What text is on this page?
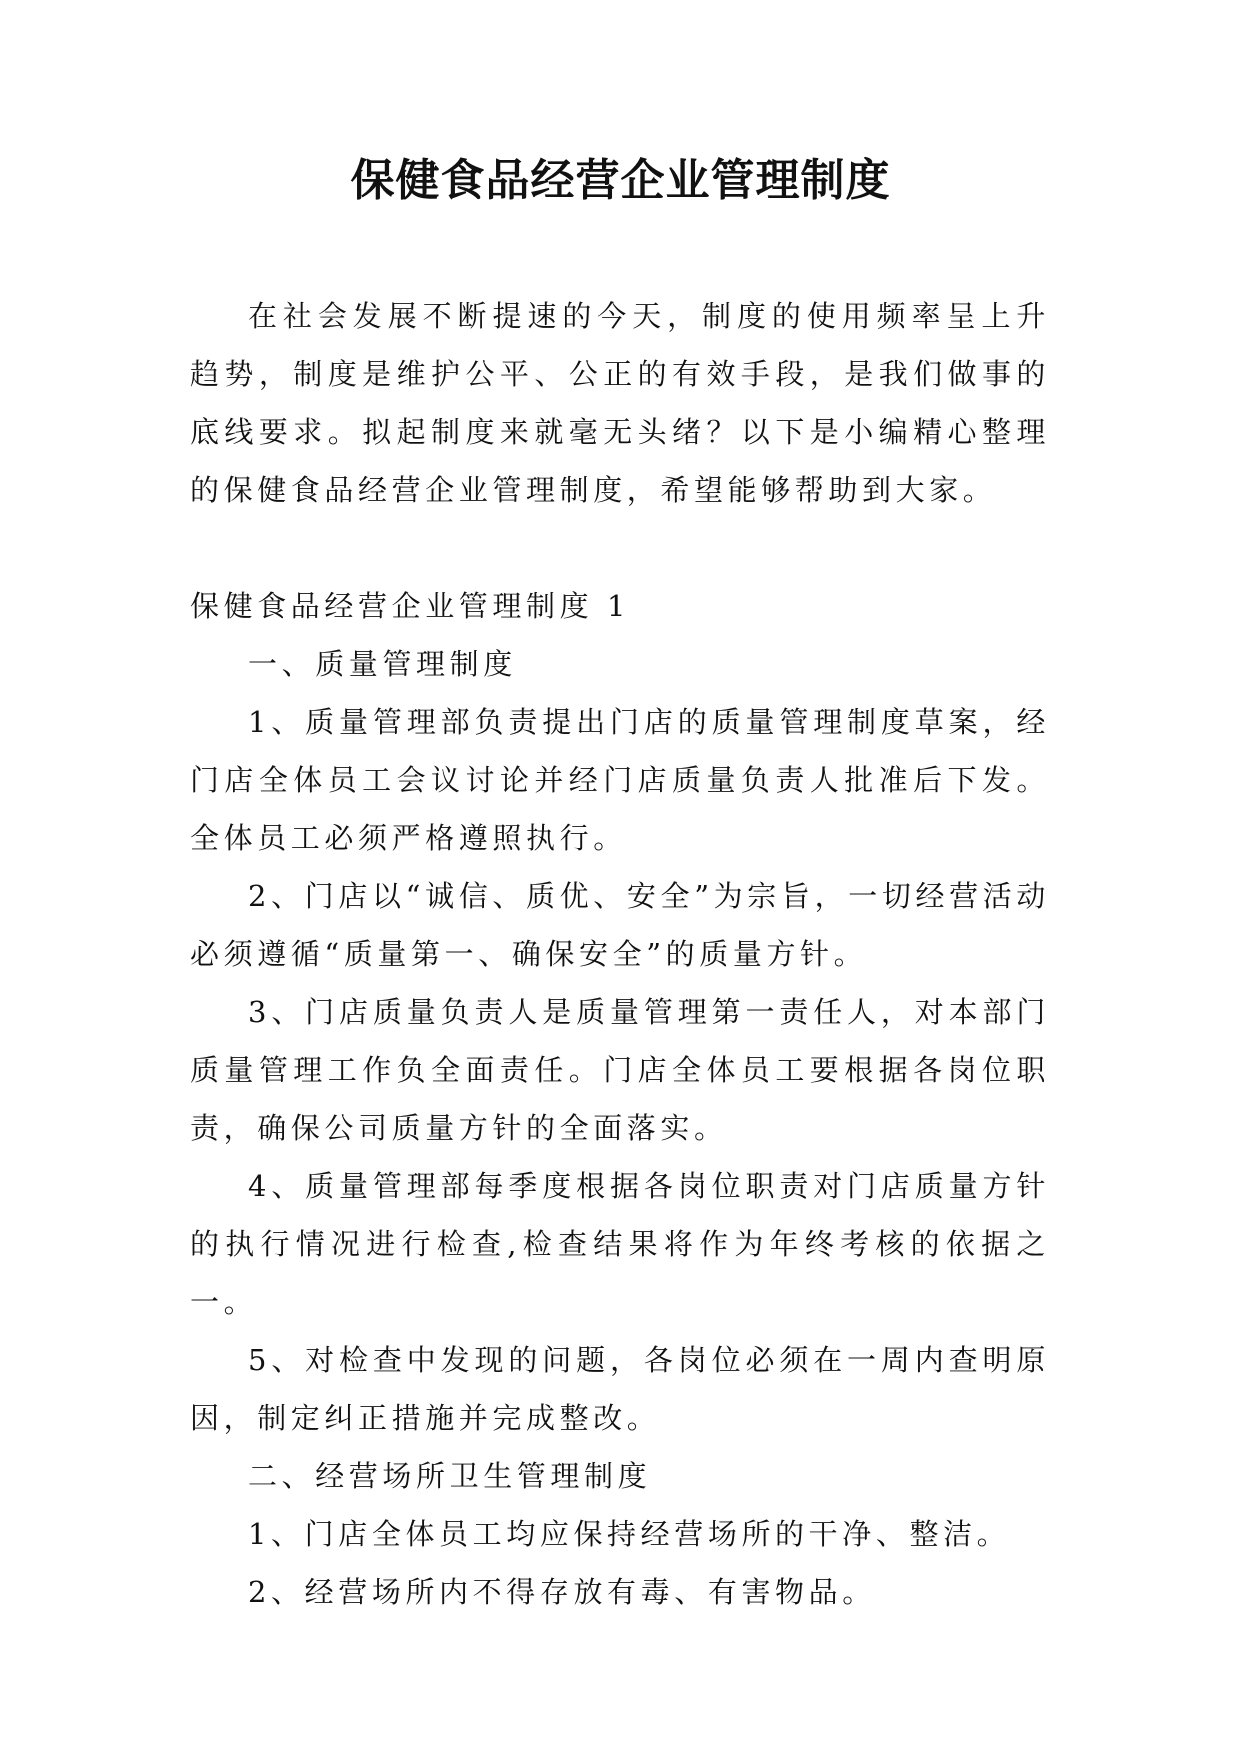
保健食品经营企业管理制度

在社会发展不断提速的今天，制度的使用频率呈上升趋势，制度是维护公平、公正的有效手段，是我们做事的底线要求。拟起制度来就毫无头绪？以下是小编精心整理的保健食品经营企业管理制度，希望能够帮助到大家。

保健食品经营企业管理制度 1

一、质量管理制度

1、质量管理部负责提出门店的质量管理制度草案，经门店全体员工会议讨论并经门店质量负责人批准后下发。全体员工必须严格遵照执行。

2、门店以“诚信、质优、安全”为宗旨，一切经营活动必须遵循“质量第一、确保安全”的质量方针。

3、门店质量负责人是质量管理第一责任人，对本部门质量管理工作负全面责任。门店全体员工要根据各岗位职责，确保公司质量方针的全面落实。

4、质量管理部每季度根据各岗位职责对门店质量方针的执行情况进行检查,检查结果将作为年终考核的依据之一。

5、对检查中发现的问题，各岗位必须在一周内查明原因，制定纠正措施并完成整改。

二、经营场所卫生管理制度

1、门店全体员工均应保持经营场所的干净、整洁。

2、经营场所内不得存放有毒、有害物品。
